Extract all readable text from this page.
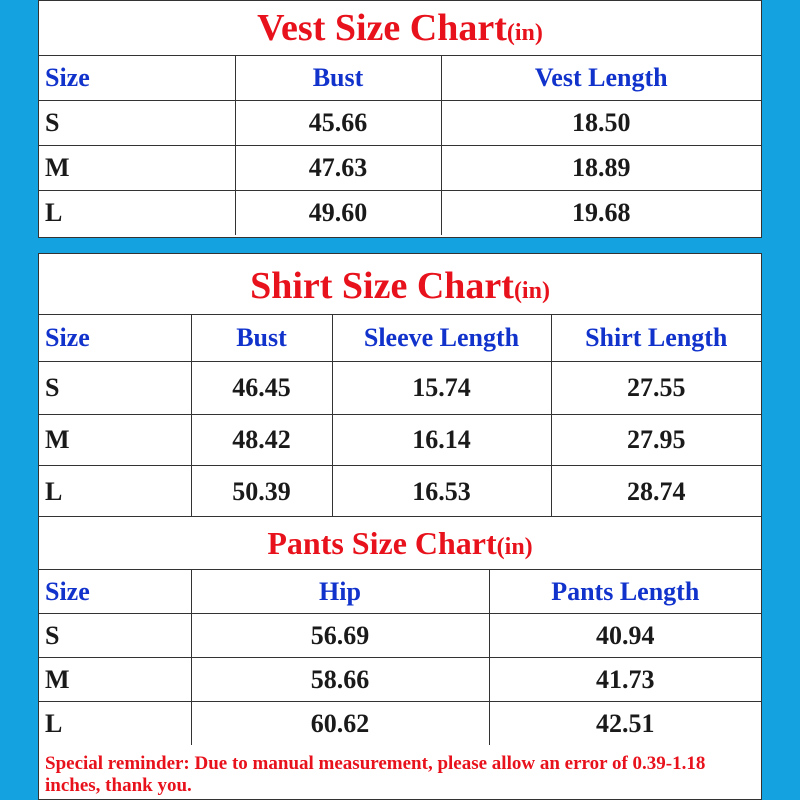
Vest Size Chart(in)
Size	Bust	Vest Length
S	45.66	18.50
M	47.63	18.89
L	49.60	19.68
Shirt Size Chart(in)
Size	Bust	Sleeve Length	Shirt Length
S	46.45	15.74	27.55
M	48.42	16.14	27.95
L	50.39	16.53	28.74
Pants Size Chart(in)
Size	Hip	Pants Length
S	56.69	40.94
M	58.66	41.73
L	60.62	42.51
Special reminder: Due to manual measurement, please allow an error of 0.39-1.18 inches, thank you.
